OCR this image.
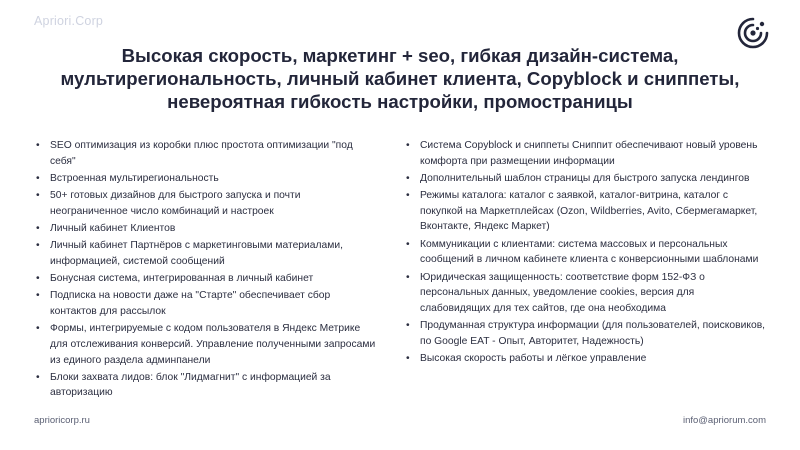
Apriori.Corp
Высокая скорость, маркетинг + seo, гибкая дизайн-система, мультирегиональность, личный кабинет клиента, Copyblock и сниппеты, невероятная гибкость настройки, промостраницы
• SEO оптимизация из коробки плюс простота оптимизации "под себя"
• Встроенная мультирегиональность
• 50+ готовых дизайнов для быстрого запуска и почти неограниченное число комбинаций и настроек
• Личный кабинет Клиентов
• Личный кабинет Партнёров с маркетинговыми материалами, информацией, системой сообщений
• Бонусная система, интегрированная в личный кабинет
• Подписка на новости даже на "Старте" обеспечивает сбор контактов для рассылок
• Формы, интегрируемые с кодом пользователя в Яндекс Метрике для отслеживания конверсий. Управление полученными запросами из единого раздела админпанели
• Блоки захвата лидов: блок "Лидмагнит" с информацией за авторизацию
• Система Copyblock и сниппеты Сниппит обеспечивают новый уровень комфорта при размещении информации
• Дополнительный шаблон страницы для быстрого запуска лендингов
• Режимы каталога: каталог с заявкой, каталог-витрина, каталог с покупкой на Маркетплейсах (Ozon, Wildberries, Avito, Сбермегамаркет, Вконтакте, Яндекс Маркет)
• Коммуникации с клиентами: система массовых и персональных сообщений в личном кабинете клиента с конверсионными шаблонами
• Юридическая защищенность: соответствие форм 152-ФЗ о персональных данных, уведомление cookies, версия для слабовидящих для тех сайтов, где она необходима
• Продуманная структура информации (для пользователей, поисковиков, по Google EAT - Опыт, Авторитет, Надежность)
• Высокая скорость работы и лёгкое управление
aprioricorp.ru	info@apriorum.com
